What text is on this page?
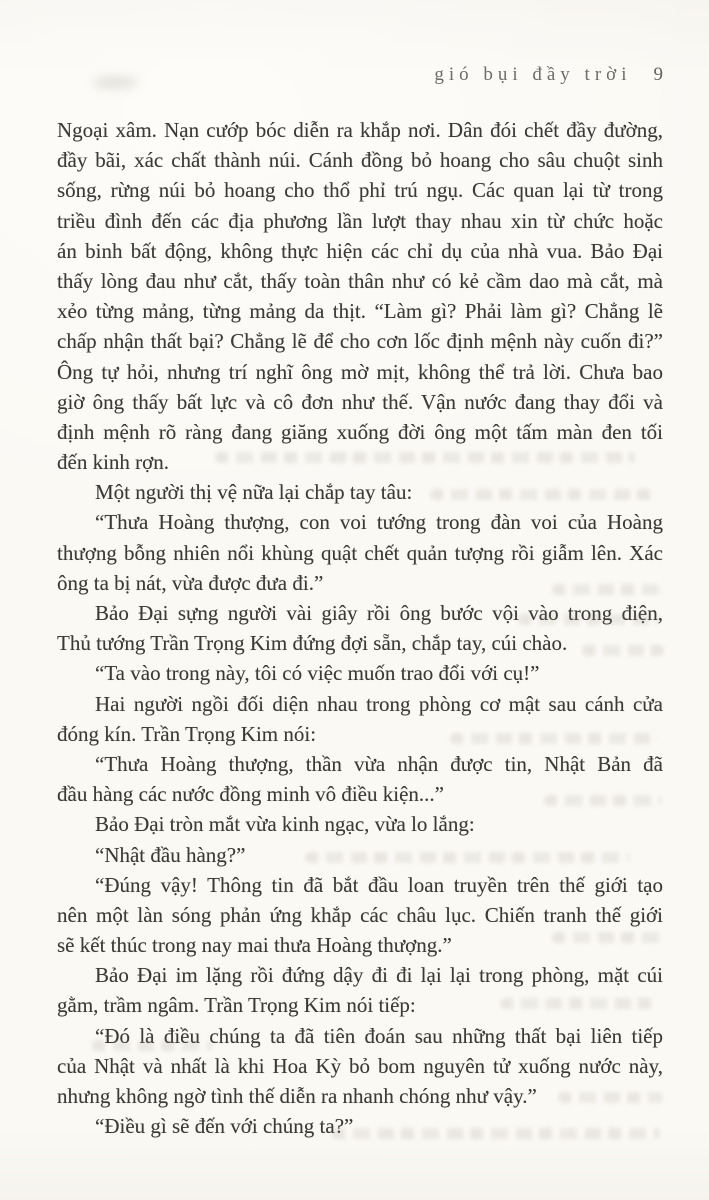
gió bụi đầy trời 9
Ngoại xâm. Nạn cướp bóc diễn ra khắp nơi. Dân đói chết đầy đường,
đầy bãi, xác chất thành núi. Cánh đồng bỏ hoang cho sâu chuột sinh
sống, rừng núi bỏ hoang cho thổ phỉ trú ngụ. Các quan lại từ trong
triều đình đến các địa phương lần lượt thay nhau xin từ chức hoặc
án binh bất động, không thực hiện các chỉ dụ của nhà vua. Bảo Đại
thấy lòng đau như cắt, thấy toàn thân như có kẻ cầm dao mà cắt, mà
xẻo từng mảng, từng mảng da thịt. “Làm gì? Phải làm gì? Chẳng lẽ
chấp nhận thất bại? Chẳng lẽ để cho cơn lốc định mệnh này cuốn đi?”
Ông tự hỏi, nhưng trí nghĩ ông mờ mịt, không thể trả lời. Chưa bao
giờ ông thấy bất lực và cô đơn như thế. Vận nước đang thay đổi và
định mệnh rõ ràng đang giăng xuống đời ông một tấm màn đen tối
đến kinh rợn.
Một người thị vệ nữa lại chắp tay tâu:
“Thưa Hoàng thượng, con voi tướng trong đàn voi của Hoàng
thượng bỗng nhiên nổi khùng quật chết quản tượng rồi giẫm lên. Xác
ông ta bị nát, vừa được đưa đi.”
Bảo Đại sựng người vài giây rồi ông bước vội vào trong điện,
Thủ tướng Trần Trọng Kim đứng đợi sẵn, chắp tay, cúi chào.
“Ta vào trong này, tôi có việc muốn trao đổi với cụ!”
Hai người ngồi đối diện nhau trong phòng cơ mật sau cánh cửa
đóng kín. Trần Trọng Kim nói:
“Thưa Hoàng thượng, thần vừa nhận được tin, Nhật Bản đã
đầu hàng các nước đồng minh vô điều kiện...”
Bảo Đại tròn mắt vừa kinh ngạc, vừa lo lắng:
“Nhật đầu hàng?”
“Đúng vậy! Thông tin đã bắt đầu loan truyền trên thế giới tạo
nên một làn sóng phản ứng khắp các châu lục. Chiến tranh thế giới
sẽ kết thúc trong nay mai thưa Hoàng thượng.”
Bảo Đại im lặng rồi đứng dậy đi đi lại lại trong phòng, mặt cúi
gằm, trầm ngâm. Trần Trọng Kim nói tiếp:
“Đó là điều chúng ta đã tiên đoán sau những thất bại liên tiếp
của Nhật và nhất là khi Hoa Kỳ bỏ bom nguyên tử xuống nước này,
nhưng không ngờ tình thế diễn ra nhanh chóng như vậy.”
“Điều gì sẽ đến với chúng ta?”
